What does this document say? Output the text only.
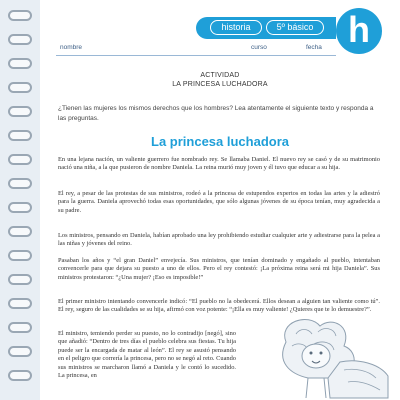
historia	5º básico h
nombre	curso	fecha
ACTIVIDAD
LA PRINCESA LUCHADORA
¿Tienen las mujeres los mismos derechos que los hombres? Lea atentamente el siguiente texto y responda a las preguntas.
La princesa luchadora

En una lejana nación, un valiente guerrero fue nombrado rey. Se llamaba Daniel. El nuevo rey se casó y de su matrimonio nació una niña, a la que pusieron de nombre Daniela. La reina murió muy joven y él tuvo que educar a su hija.

El rey, a pesar de las protestas de sus ministros, rodeó a la princesa de estupendos expertos en todas las artes y la adiestró para la guerra. Daniela aprovechó todas esas oportunidades, que sólo algunas jóvenes de su época tenían, muy agradecida a su padre.

Los ministros, pensando en Daniela, habían aprobado una ley prohibiendo estudiar cualquier arte y adiestrarse para la pelea a las niñas y jóvenes del reino.

Pasaban los años y “el gran Daniel” envejecía. Sus ministros, que tenían dominado y engañado al pueblo, intentaban convencerle para que dejara su puesto a uno de ellos. Pero el rey contestó: ¡La próxima reina será mi hija Daniela”. Sus ministros protestaron: “¿Una mujer? ¡Eso es imposible!”

El primer ministro intentando convencerle indicó: “El pueblo no la obedecerá. Ellos desean a alguien tan valiente como tú”. El rey, seguro de las cualidades se su hija, afirmó con voz potente: “¡Ella es muy valiente! ¿Quieres que te lo demuestre?”.

El ministro, temiendo perder su puesto, no lo contradijo [negó], sino que añadió: “Dentro de tres días el pueblo celebra sus fiestas. Tu hija puede ser la encargada de matar al león”. El rey se asustó pensando en el peligro que correría la princesa, pero no se negó al reto. Cuando sus ministros se marcharon llamó a Daniela y le contó lo sucedido. La princesa, en
